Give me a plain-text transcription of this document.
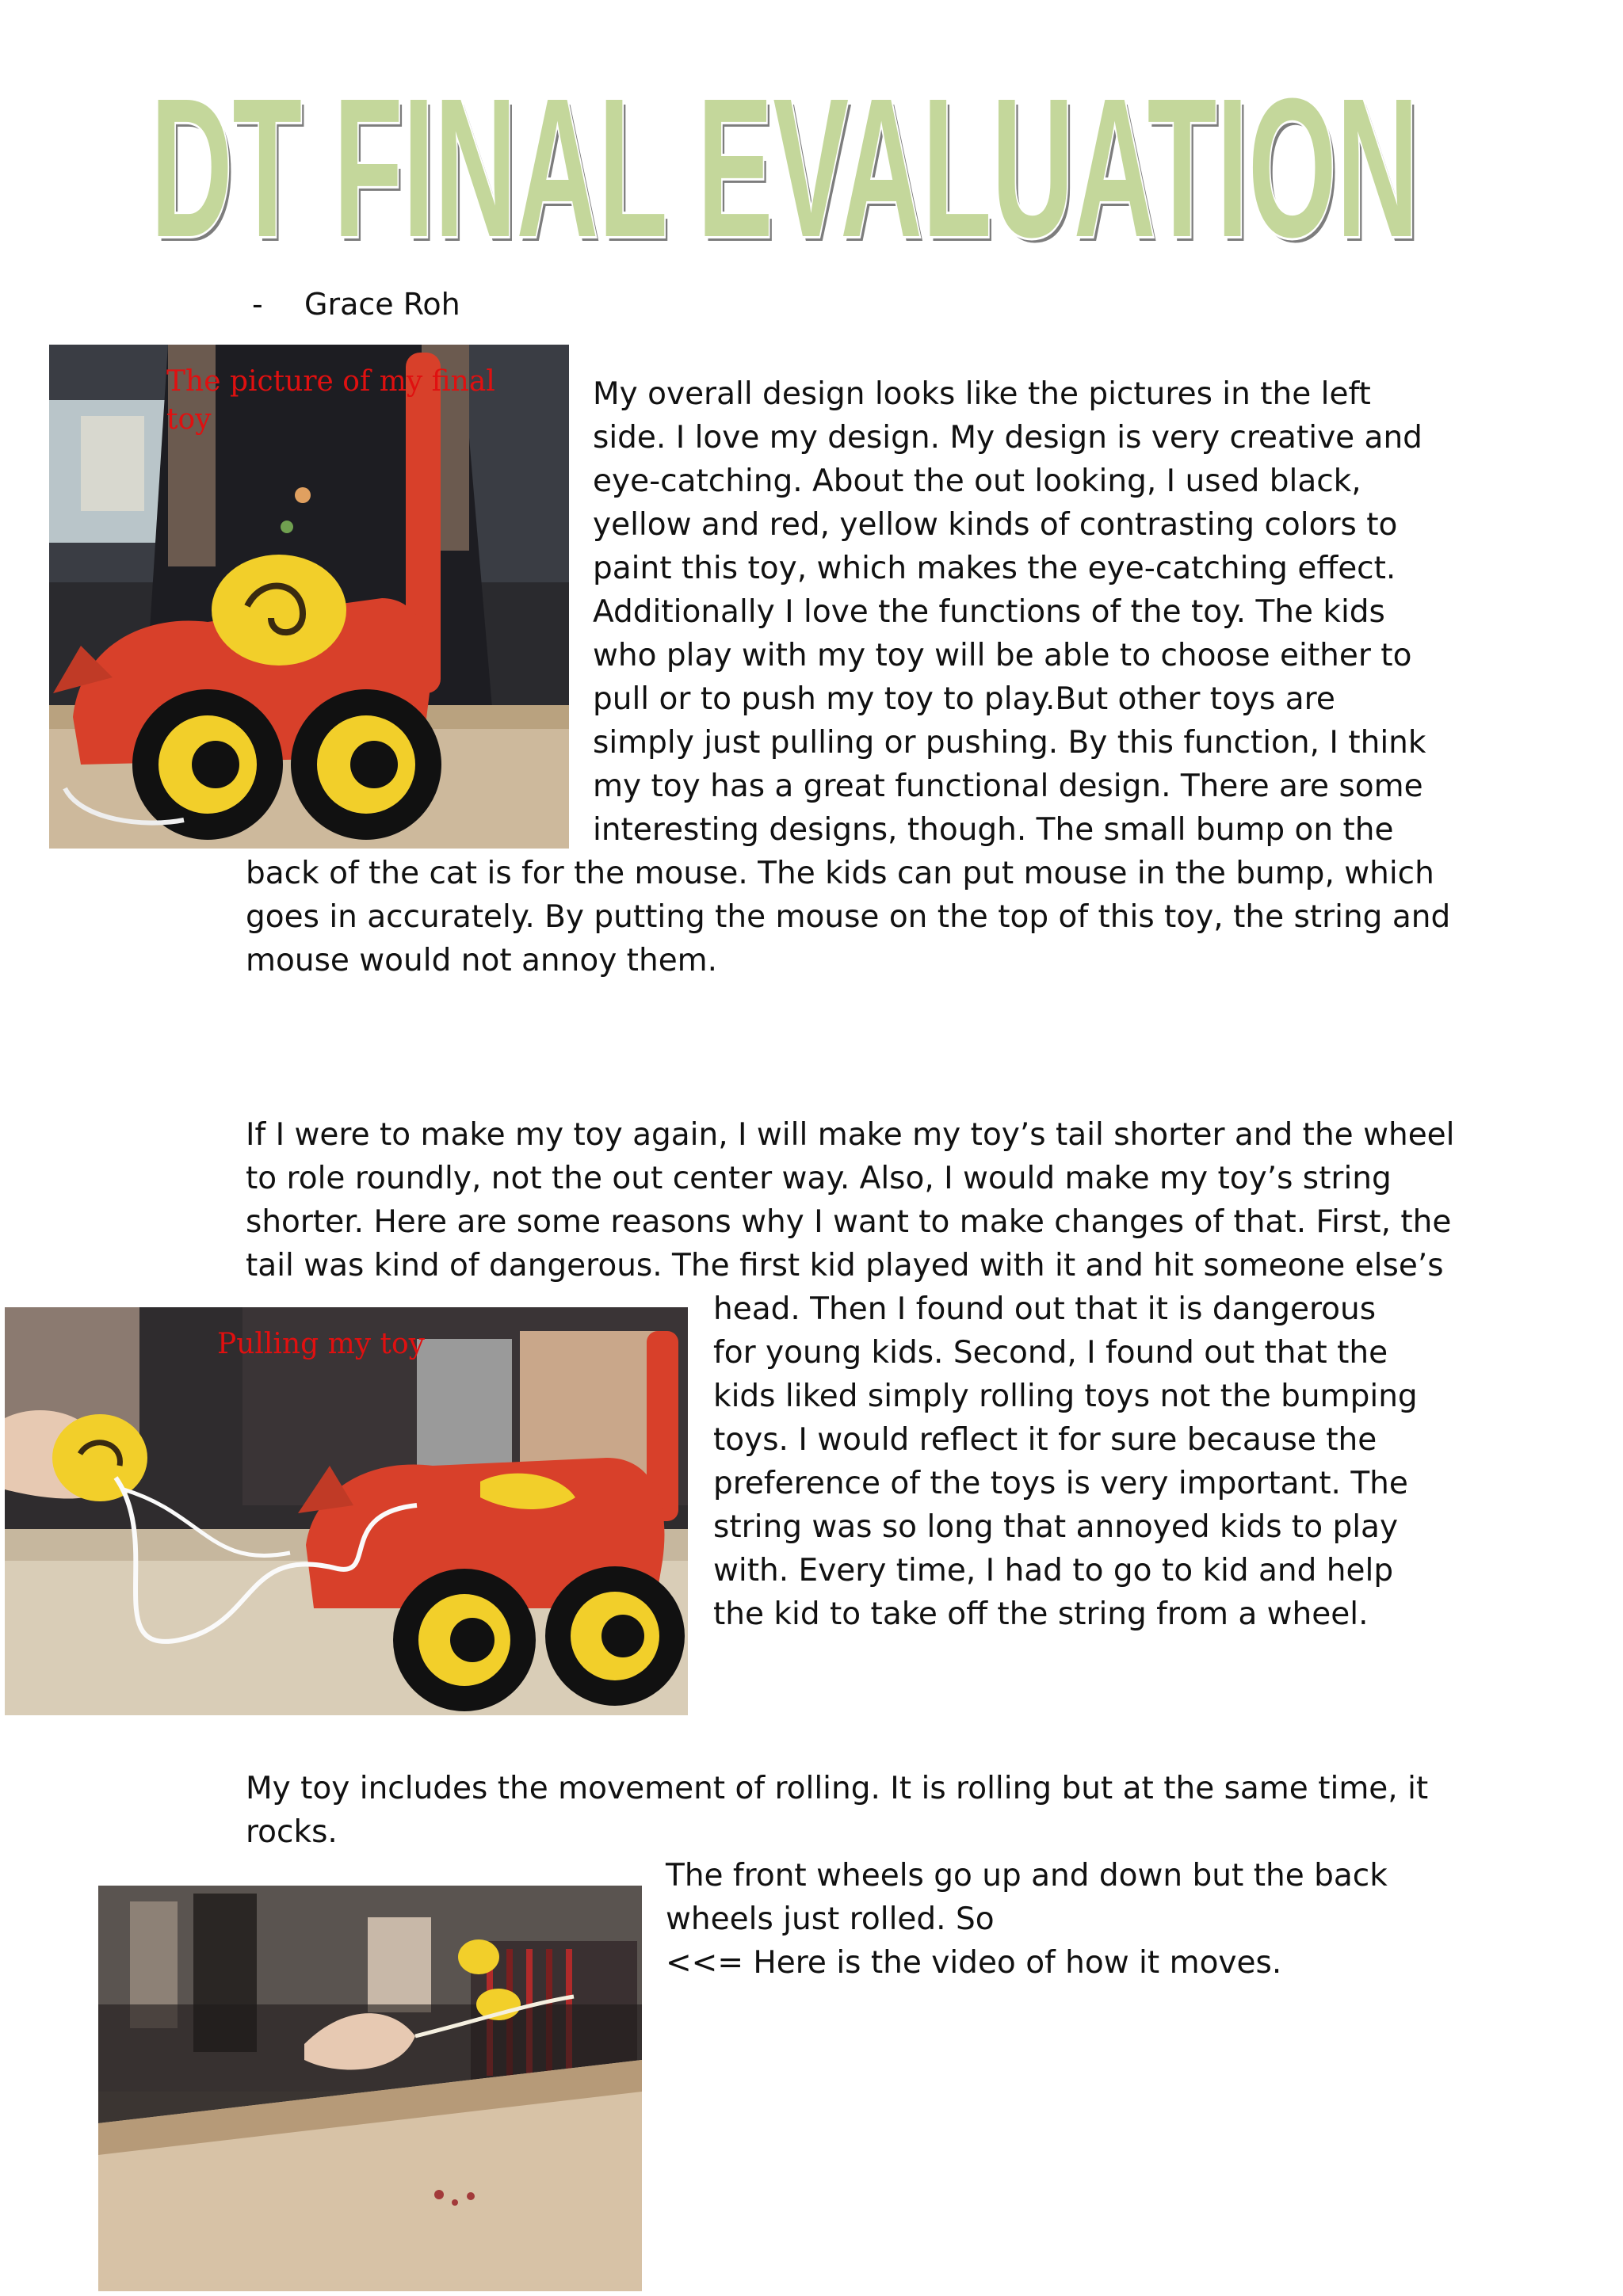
DT FINAL EVALUATION
DT FINAL EVALUATION
- Grace Roh
The picture of my final toy

My overall design looks like the pictures in the left

side. I love my design. My design is very creative and

eye-catching. About the out looking, I used black,

yellow and red, yellow kinds of contrasting colors to

paint this toy, which makes the eye-catching effect.

Additionally I love the functions of the toy. The kids

who play with my toy will be able to choose either to

pull or to push my toy to play.But other toys are

simply just pulling or pushing. By this function, I think

my toy has a great functional design. There are some

interesting designs, though. The small bump on the

back of the cat is for the mouse. The kids can put mouse in the bump, which

goes in accurately. By putting the mouse on the top of this toy, the string and

mouse would not annoy them.

If I were to make my toy again, I will make my toy’s tail shorter and the wheel

to role roundly, not the out center way. Also, I would make my toy’s string

shorter. Here are some reasons why I want to make changes of that. First, the

tail was kind of dangerous. The first kid played with it and hit someone else’s

head. Then I found out that it is dangerous

for young kids. Second, I found out that the

kids liked simply rolling toys not the bumping

toys. I would reflect it for sure because the

preference of the toys is very important. The

string was so long that annoyed kids to play

with. Every time, I had to go to kid and help

the kid to take off the string from a wheel.

Pulling my toy

My toy includes the movement of rolling. It is rolling but at the same time, it

rocks.

The front wheels go up and down but the back

wheels just rolled. So

<<= Here is the video of how it moves.
